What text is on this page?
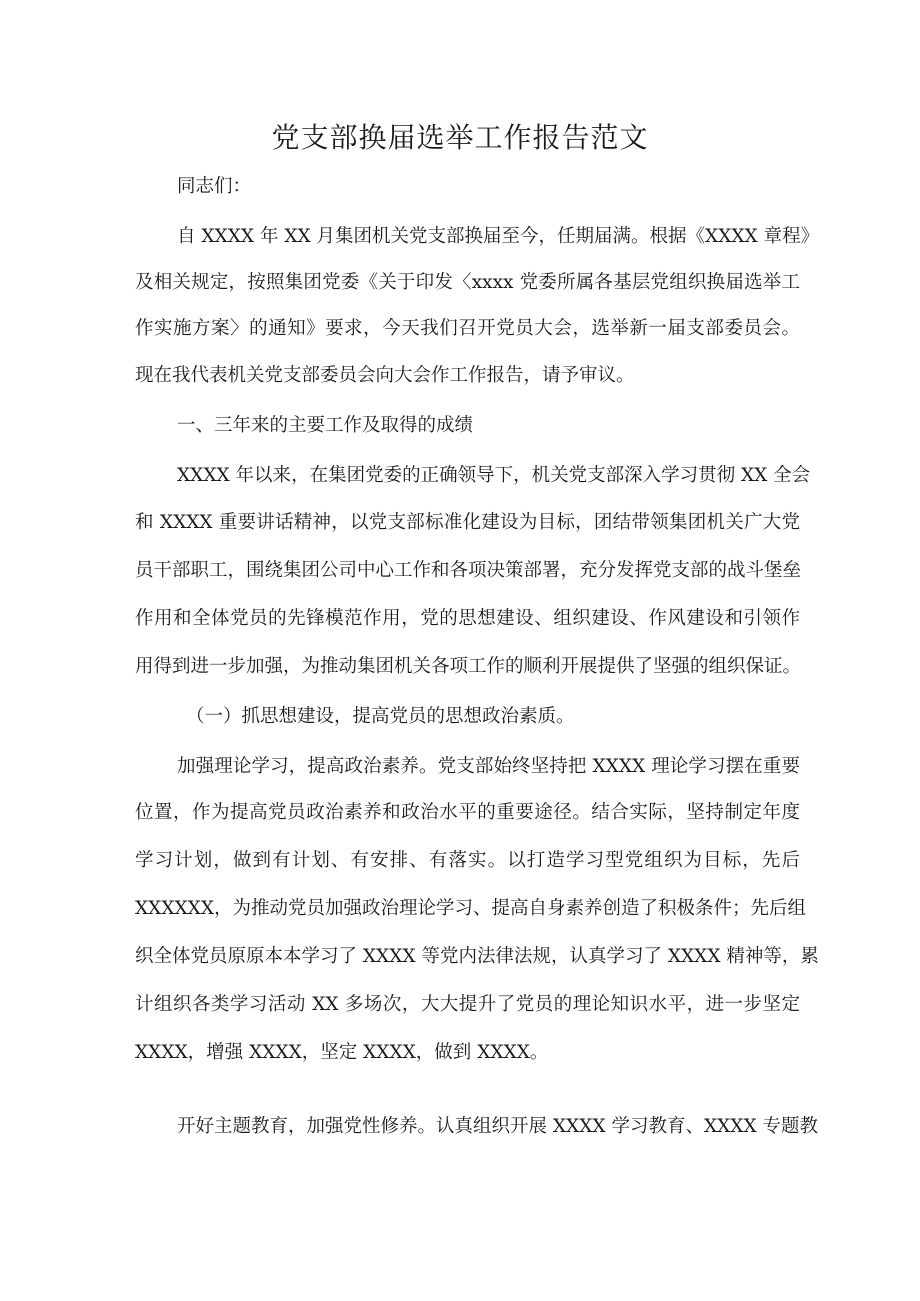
党支部换届选举工作报告范文
同志们：
自 XXXX 年 XX 月集团机关党支部换届至今，任期届满。根据《XXXX 章程》
及相关规定，按照集团党委《关于印发〈xxxx 党委所属各基层党组织换届选举工
作实施方案〉的通知》要求，今天我们召开党员大会，选举新一届支部委员会。
现在我代表机关党支部委员会向大会作工作报告，请予审议。
一、三年来的主要工作及取得的成绩
XXXX 年以来，在集团党委的正确领导下，机关党支部深入学习贯彻 XX 全会
和 XXXX 重要讲话精神，以党支部标准化建设为目标，团结带领集团机关广大党
员干部职工，围绕集团公司中心工作和各项决策部署，充分发挥党支部的战斗堡垒
作用和全体党员的先锋模范作用，党的思想建设、组织建设、作风建设和引领作
用得到进一步加强，为推动集团机关各项工作的顺利开展提供了坚强的组织保证。
（一）抓思想建设，提高党员的思想政治素质。
加强理论学习，提高政治素养。党支部始终坚持把 XXXX 理论学习摆在重要
位置，作为提高党员政治素养和政治水平的重要途径。结合实际，坚持制定年度
学习计划，做到有计划、有安排、有落实。以打造学习型党组织为目标，先后
XXXXXX，为推动党员加强政治理论学习、提高自身素养创造了积极条件；先后组
织全体党员原原本本学习了 XXXX 等党内法律法规，认真学习了 XXXX 精神等，累
计组织各类学习活动 XX 多场次，大大提升了党员的理论知识水平，进一步坚定
XXXX，增强 XXXX，坚定 XXXX，做到 XXXX。
开好主题教育，加强党性修养。认真组织开展 XXXX 学习教育、XXXX 专题教
